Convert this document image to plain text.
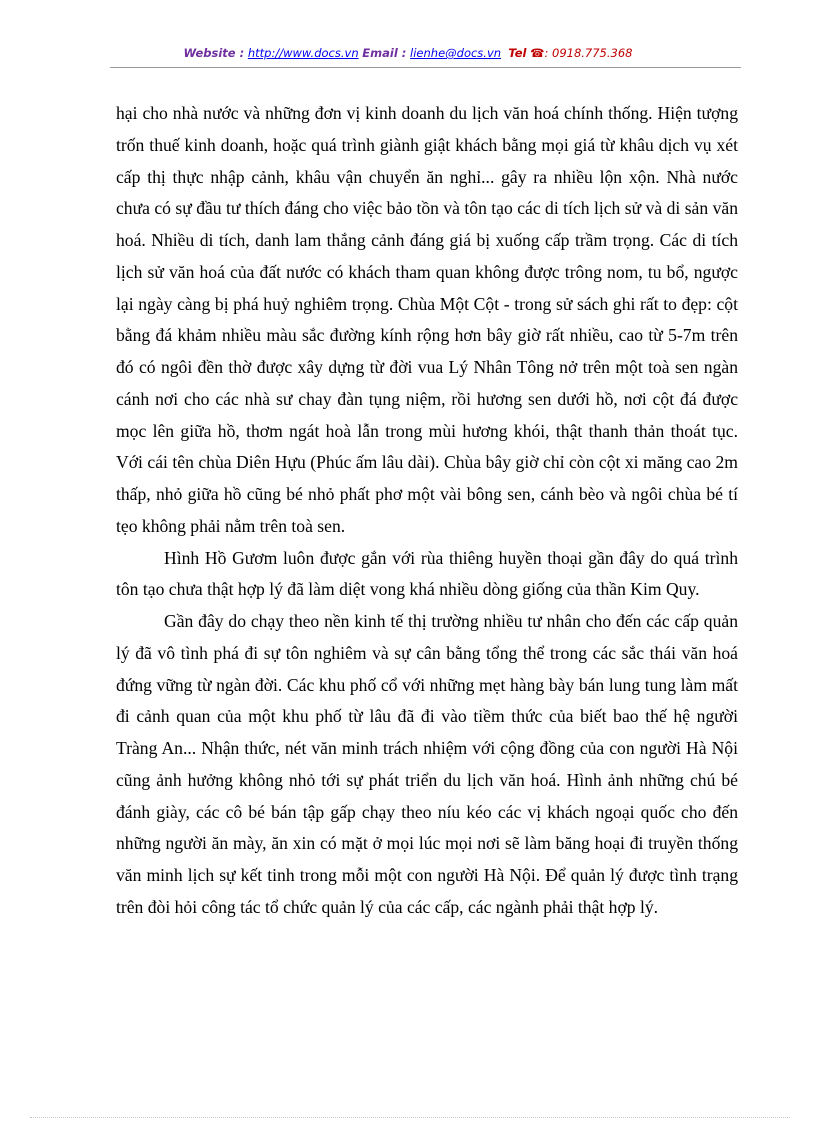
Website : http://www.docs.vn Email : lienhe@docs.vn Tel ☎: 0918.775.368

hại cho nhà nước và những đơn vị kinh doanh du lịch văn hoá chính thống. Hiện tượng trốn thuế kinh doanh, hoặc quá trình giành giật khách bằng mọi giá từ khâu dịch vụ xét cấp thị thực nhập cảnh, khâu vận chuyển ăn nghỉ... gây ra nhiều lộn xộn. Nhà nước chưa có sự đầu tư thích đáng cho việc bảo tồn và tôn tạo các di tích lịch sử và di sản văn hoá. Nhiều di tích, danh lam thắng cảnh đáng giá bị xuống cấp trầm trọng. Các di tích lịch sử văn hoá của đất nước có khách tham quan không được trông nom, tu bổ, ngược lại ngày càng bị phá huỷ nghiêm trọng. Chùa Một Cột - trong sử sách ghi rất to đẹp: cột bằng đá khảm nhiều màu sắc đường kính rộng hơn bây giờ rất nhiều, cao từ 5-7m trên đó có ngôi đền thờ được xây dựng từ đời vua Lý Nhân Tông nở trên một toà sen ngàn cánh nơi cho các nhà sư chay đàn tụng niệm, rồi hương sen dưới hồ, nơi cột đá được mọc lên giữa hồ, thơm ngát hoà lẫn trong mùi hương khói, thật thanh thản thoát tục. Với cái tên chùa Diên Hựu (Phúc ấm lâu dài). Chùa bây giờ chỉ còn cột xi măng cao 2m thấp, nhỏ giữa hồ cũng bé nhỏ phất phơ một vài bông sen, cánh bèo và ngôi chùa bé tí tẹo không phải nằm trên toà sen.

Hình Hồ Gươm luôn được gắn với rùa thiêng huyền thoại gần đây do quá trình tôn tạo chưa thật hợp lý đã làm diệt vong khá nhiều dòng giống của thần Kim Quy.

Gần đây do chạy theo nền kinh tế thị trường nhiều tư nhân cho đến các cấp quản lý đã vô tình phá đi sự tôn nghiêm và sự cân bằng tổng thể trong các sắc thái văn hoá đứng vững từ ngàn đời. Các khu phố cổ với những mẹt hàng bày bán lung tung làm mất đi cảnh quan của một khu phố từ lâu đã đi vào tiềm thức của biết bao thế hệ người Tràng An... Nhận thức, nét văn minh trách nhiệm với cộng đồng của con người Hà Nội cũng ảnh hưởng không nhỏ tới sự phát triển du lịch văn hoá. Hình ảnh những chú bé đánh giày, các cô bé bán tập gấp chạy theo níu kéo các vị khách ngoại quốc cho đến những người ăn mày, ăn xin có mặt ở mọi lúc mọi nơi sẽ làm băng hoại đi truyền thống văn minh lịch sự kết tinh trong mỗi một con người Hà Nội. Để quản lý được tình trạng trên đòi hỏi công tác tổ chức quản lý của các cấp, các ngành phải thật hợp lý.
